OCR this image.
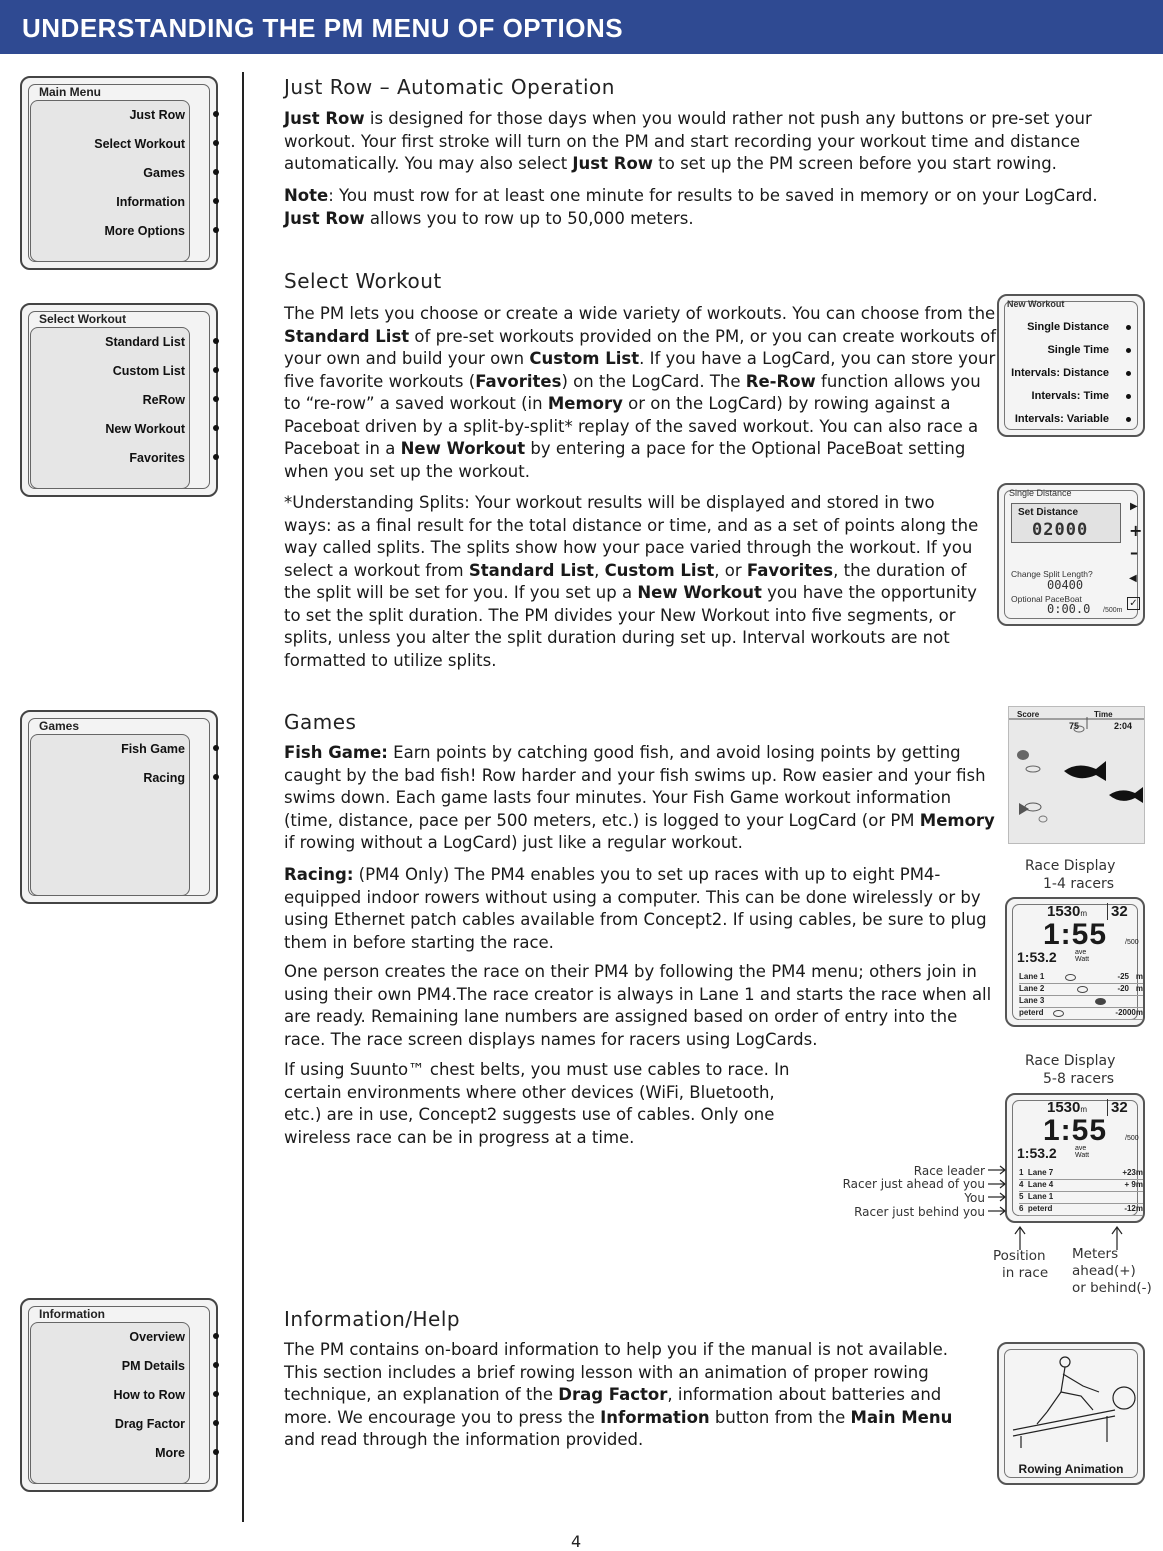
UNDERSTANDING THE PM MENU OF OPTIONS
Main Menu
Just Row
Select Workout
Games
Information
More Options
Select Workout
Standard List
Custom List
ReRow
New Workout
Favorites
Games
Fish Game
Racing
Information
Overview
PM Details
How to Row
Drag Factor
More
Just Row – Automatic Operation
Just Row is designed for those days when you would rather not push any buttons or pre-set your workout. Your first stroke will turn on the PM and start recording your workout time and distance automatically. You may also select Just Row to set up the PM screen before you start rowing.
Note: You must row for at least one minute for results to be saved in memory or on your LogCard. Just Row allows you to row up to 50,000 meters.
Select Workout
The PM lets you choose or create a wide variety of workouts. You can choose from the Standard List of pre-set workouts provided on the PM, or you can create workouts of your own and build your own Custom List. If you have a LogCard, you can store your five favorite workouts (Favorites) on the LogCard. The Re-Row function allows you to “re-row” a saved workout (in Memory or on the LogCard) by rowing against a Paceboat driven by a split-by-split* replay of the saved workout. You can also race a Paceboat in a New Workout by entering a pace for the Optional PaceBoat setting when you set up the workout.
*Understanding Splits: Your workout results will be displayed and stored in two ways: as a final result for the total distance or time, and as a set of points along the way called splits. The splits show how your pace varied through the workout. If you select a workout from Standard List, Custom List, or Favorites, the duration of the split will be set for you. If you set up a New Workout you have the opportunity to set the split duration. The PM divides your New Workout into five segments, or splits, unless you alter the split duration during set up. Interval workouts are not formatted to utilize splits.
Games
Fish Game: Earn points by catching good fish, and avoid losing points by getting caught by the bad fish! Row harder and your fish swims up. Row easier and your fish swims down. Each game lasts four minutes. Your Fish Game workout information (time, distance, pace per 500 meters, etc.) is logged to your LogCard (or PM Memory if rowing without a LogCard) just like a regular workout.
Racing: (PM4 Only) The PM4 enables you to set up races with up to eight PM4-equipped indoor rowers without using a computer. This can be done wirelessly or by using Ethernet patch cables available from Concept2. If using cables, be sure to plug them in before starting the race.
One person creates the race on their PM4 by following the PM4 menu; others join in using their own PM4.The race creator is always in Lane 1 and starts the race when all are ready. Remaining lane numbers are assigned based on order of entry into the race. The race screen displays names for racers using LogCards.
If using Suunto™ chest belts, you must use cables to race. In certain environments where other devices (WiFi, Bluetooth, etc.) are in use, Concept2 suggests use of cables. Only one wireless race can be in progress at a time.
Information/Help
The PM contains on-board information to help you if the manual is not available. This section includes a brief rowing lesson with an animation of proper rowing technique, an explanation of the Drag Factor, information about batteries and more. We encourage you to press the Information button from the Main Menu and read through the information provided.
New Workout
Single Distance
Single Time
Intervals: Distance
Intervals: Time
Intervals: Variable
Single Distance
Set Distance
02000
Change Split Length?
00400
Optional PaceBoat
0:00.0 /500m
▶
+
–
◀
✓
Score
75
Time
2:04
Race Display
1-4 racers
1530m 32
1:55	/500
1:53.2	ave
Watt
Lane 1	-25 m
Lane 2	-20 m
Lane 3
peterd	-2000m
Race Display
5-8 racers
1530m 32
1:55	/500
1:53.2	ave
Watt
1 Lane 7	+23m
4 Lane 4	+ 9m
5 Lane 1
6 peterd	-12m
Race leader
Racer just ahead of you
You
Racer just behind you
Position
in race
Meters
ahead(+)
or behind(-)
Rowing Animation
4
